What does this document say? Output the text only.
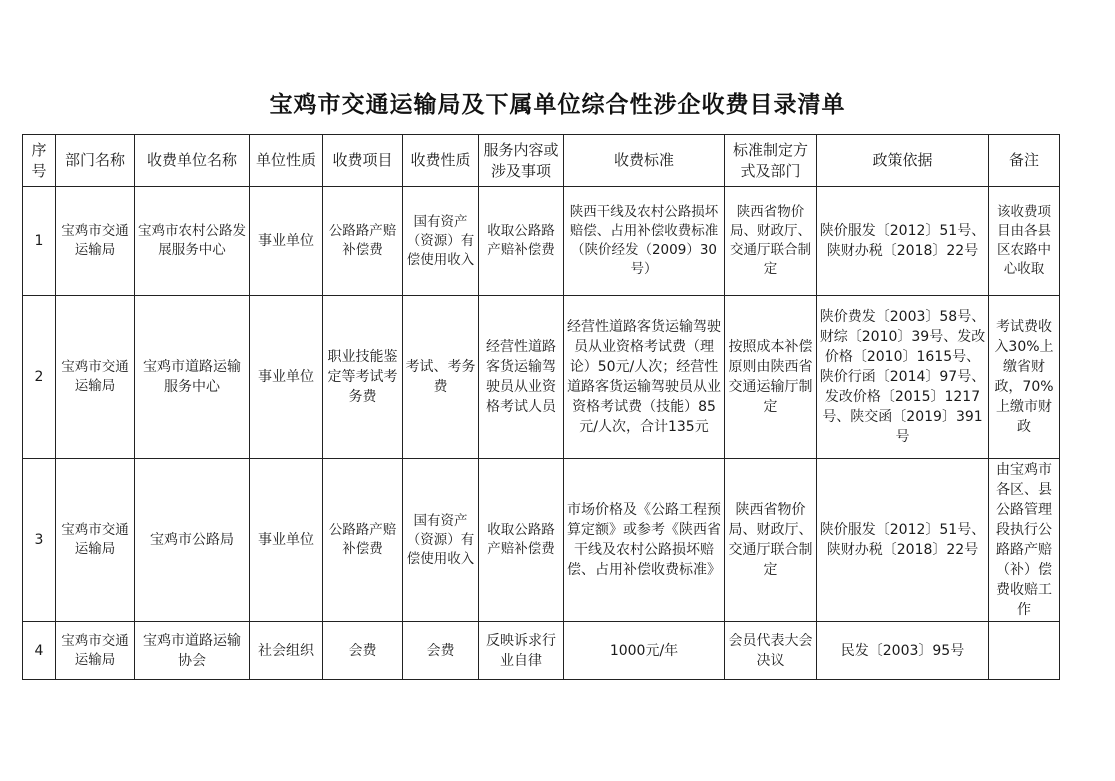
宝鸡市交通运输局及下属单位综合性涉企收费目录清单
序号	部门名称	收费单位名称	单位性质	收费项目	收费性质	服务内容或涉及事项	收费标准	标准制定方式及部门	政策依据	备注
1	宝鸡市交通运输局	宝鸡市农村公路发展服务中心	事业单位	公路路产赔补偿费	国有资产（资源）有偿使用收入	收取公路路产赔补偿费	陕西干线及农村公路损坏赔偿、占用补偿收费标准（陕价经发（2009）30号）	陕西省物价局、财政厅、交通厅联合制定	陕价服发〔2012〕51号、陕财办税〔2018〕22号	该收费项目由各县区农路中心收取
2	宝鸡市交通运输局	宝鸡市道路运输服务中心	事业单位	职业技能鉴定等考试考务费	考试、考务费	经营性道路客货运输驾驶员从业资格考试人员	经营性道路客货运输驾驶员从业资格考试费（理论）50元/人次；经营性道路客货运输驾驶员从业资格考试费（技能）85元/人次，合计135元	按照成本补偿原则由陕西省交通运输厅制定	陕价费发〔2003〕58号、财综〔2010〕39号、发改价格〔2010〕1615号、陕价行函〔2014〕97号、发改价格〔2015〕1217号、陕交函〔2019〕391号	考试费收入30%上缴省财政，70%上缴市财政
3	宝鸡市交通运输局	宝鸡市公路局	事业单位	公路路产赔补偿费	国有资产（资源）有偿使用收入	收取公路路产赔补偿费	市场价格及《公路工程预算定额》或参考《陕西省干线及农村公路损坏赔偿、占用补偿收费标准》	陕西省物价局、财政厅、交通厅联合制定	陕价服发〔2012〕51号、陕财办税〔2018〕22号	由宝鸡市各区、县公路管理段执行公路路产赔（补）偿费收赔工作
4	宝鸡市交通运输局	宝鸡市道路运输协会	社会组织	会费	会费	反映诉求行业自律	1000元/年	会员代表大会决议	民发〔2003〕95号	
